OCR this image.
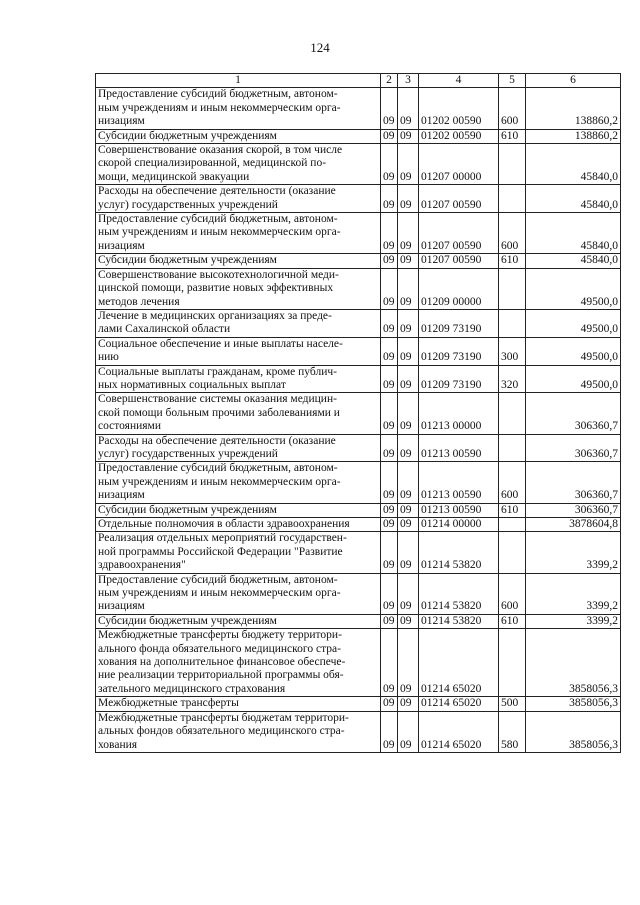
124
1	2	3	4	5	6
Предоставление субсидий бюджетным, автоном-
ным учреждениям и иным некоммерческим орга-
низациям	09	09	01202 00590	600	138860,2
Субсидии бюджетным учреждениям	09	09	01202 00590	610	138860,2
Совершенствование оказания скорой, в том числе
скорой специализированной, медицинской по-
мощи, медицинской эвакуации	09	09	01207 00000		45840,0
Расходы на обеспечение деятельности (оказание
услуг) государственных учреждений	09	09	01207 00590		45840,0
Предоставление субсидий бюджетным, автоном-
ным учреждениям и иным некоммерческим орга-
низациям	09	09	01207 00590	600	45840,0
Субсидии бюджетным учреждениям	09	09	01207 00590	610	45840,0
Совершенствование высокотехнологичной меди-
цинской помощи, развитие новых эффективных
методов лечения	09	09	01209 00000		49500,0
Лечение в медицинских организациях за преде-
лами Сахалинской области	09	09	01209 73190		49500,0
Социальное обеспечение и иные выплаты населе-
нию	09	09	01209 73190	300	49500,0
Социальные выплаты гражданам, кроме публич-
ных нормативных социальных выплат	09	09	01209 73190	320	49500,0
Совершенствование системы оказания медицин-
ской помощи больным прочими заболеваниями и
состояниями	09	09	01213 00000		306360,7
Расходы на обеспечение деятельности (оказание
услуг) государственных учреждений	09	09	01213 00590		306360,7
Предоставление субсидий бюджетным, автоном-
ным учреждениям и иным некоммерческим орга-
низациям	09	09	01213 00590	600	306360,7
Субсидии бюджетным учреждениям	09	09	01213 00590	610	306360,7
Отдельные полномочия в области здравоохранения	09	09	01214 00000		3878604,8
Реализация отдельных мероприятий государствен-
ной программы Российской Федерации "Развитие
здравоохранения"	09	09	01214 53820		3399,2
Предоставление субсидий бюджетным, автоном-
ным учреждениям и иным некоммерческим орга-
низациям	09	09	01214 53820	600	3399,2
Субсидии бюджетным учреждениям	09	09	01214 53820	610	3399,2
Межбюджетные трансферты бюджету территори-
ального фонда обязательного медицинского стра-
хования на дополнительное финансовое обеспече-
ние реализации территориальной программы обя-
зательного медицинского страхования	09	09	01214 65020		3858056,3
Межбюджетные трансферты	09	09	01214 65020	500	3858056,3
Межбюджетные трансферты бюджетам территори-
альных фондов обязательного медицинского стра-
хования	09	09	01214 65020	580	3858056,3
